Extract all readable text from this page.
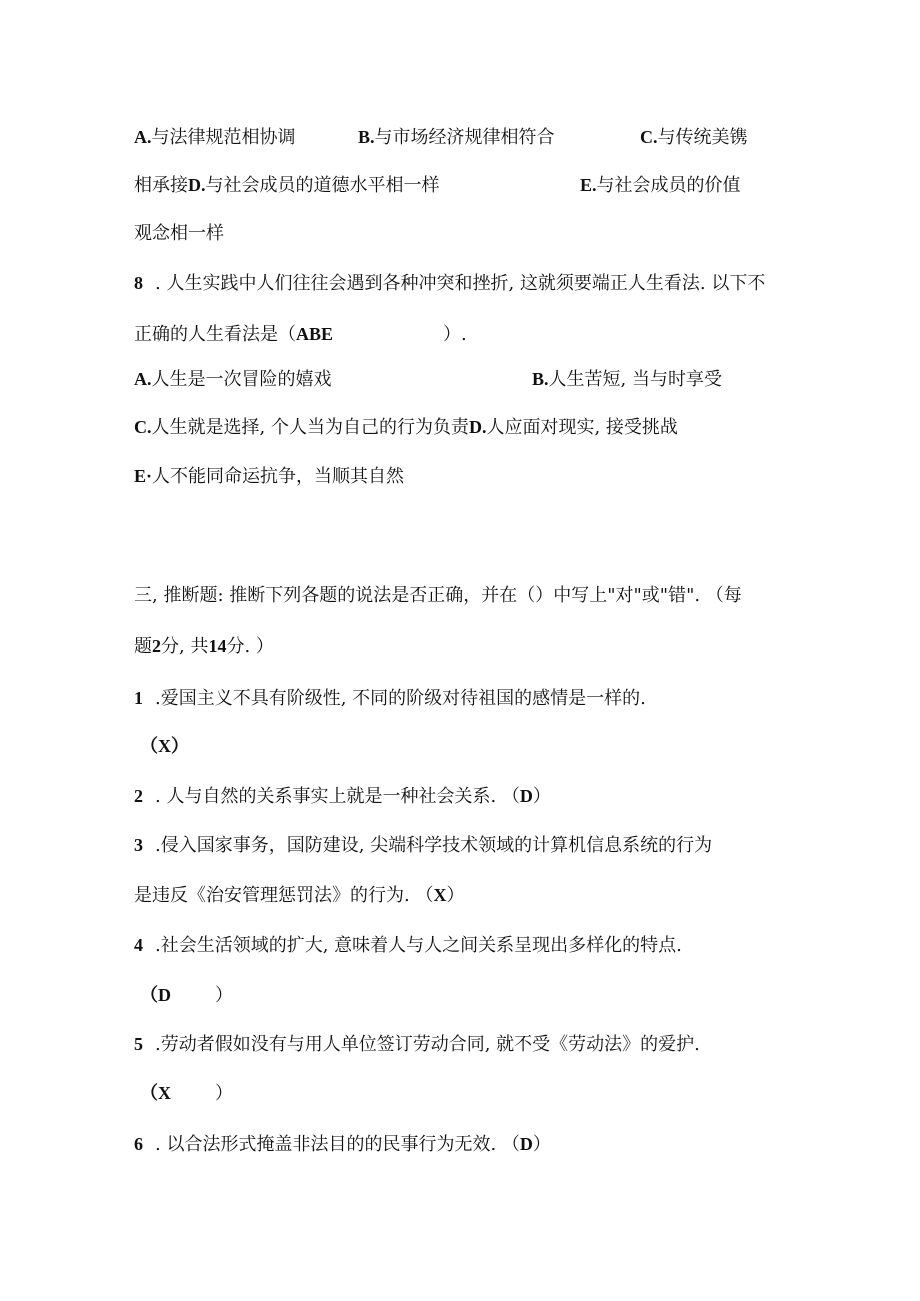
A.与法律规范相协调	B.与市场经济规律相符合	C.与传统美镌

相承接D.与社会成员的道德水平相一样	E.与社会成员的价值

观念相一样

8 . 人生实践中人们往往会遇到各种冲突和挫折, 这就须要端正人生看法. 以下不

正确的人生看法是（ABE	）.

A.人生是一次冒险的嬉戏	B.人生苦短, 当与时享受

C.人生就是选择, 个人当为自己的行为负责D.人应面对现实, 接受挑战

E·人不能同命运抗争，当顺其自然

三, 推断题: 推断下列各题的说法是否正确，并在（）中写上"对"或"错". （每

题2分, 共14分. ）

1 .爱国主义不具有阶级性, 不同的阶级对待祖国的感情是一样的.

（X）

2 . 人与自然的关系事实上就是一种社会关系. （D）

3 .侵入国家事务，国防建设, 尖端科学技术领域的计算机信息系统的行为

是违反《治安管理惩罚法》的行为. （X）

4 .社会生活领域的扩大, 意味着人与人之间关系呈现出多样化的特点.

（D ）

5 .劳动者假如没有与用人单位签订劳动合同, 就不受《劳动法》的爱护.

（X ）

6 . 以合法形式掩盖非法目的的民事行为无效. （D）
